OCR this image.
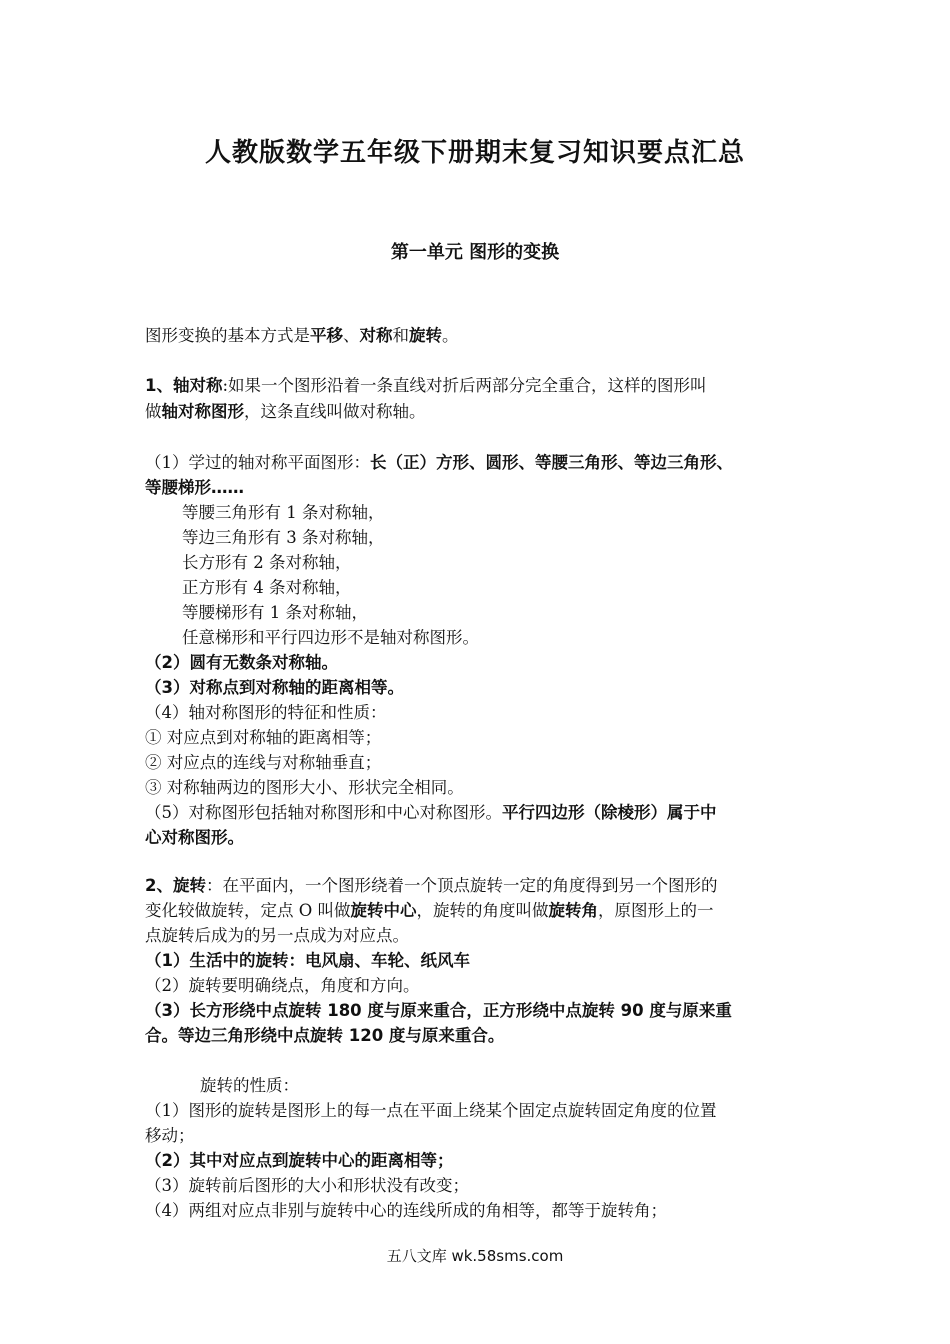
人教版数学五年级下册期末复习知识要点汇总
第一单元 图形的变换
图形变换的基本方式是平移、对称和旋转。
1、轴对称:如果一个图形沿着一条直线对折后两部分完全重合，这样的图形叫
做轴对称图形，这条直线叫做对称轴。
（1）学过的轴对称平面图形：长（正）方形、圆形、等腰三角形、等边三角形、
等腰梯形……
等腰三角形有 1 条对称轴，
等边三角形有 3 条对称轴，
长方形有 2 条对称轴，
正方形有 4 条对称轴，
等腰梯形有 1 条对称轴，
任意梯形和平行四边形不是轴对称图形。
（2）圆有无数条对称轴。
（3）对称点到对称轴的距离相等。
（4）轴对称图形的特征和性质：
① 对应点到对称轴的距离相等；
② 对应点的连线与对称轴垂直；
③ 对称轴两边的图形大小、形状完全相同。
（5）对称图形包括轴对称图形和中心对称图形。平行四边形（除棱形）属于中
心对称图形。
2、旋转：在平面内，一个图形绕着一个顶点旋转一定的角度得到另一个图形的
变化较做旋转，定点 O 叫做旋转中心，旋转的角度叫做旋转角，原图形上的一
点旋转后成为的另一点成为对应点。
（1）生活中的旋转：电风扇、车轮、纸风车
（2）旋转要明确绕点，角度和方向。
（3）长方形绕中点旋转 180 度与原来重合，正方形绕中点旋转 90 度与原来重
合。等边三角形绕中点旋转 120 度与原来重合。
旋转的性质：
（1）图形的旋转是图形上的每一点在平面上绕某个固定点旋转固定角度的位置
移动；
（2）其中对应点到旋转中心的距离相等；
（3）旋转前后图形的大小和形状没有改变；
（4）两组对应点非别与旋转中心的连线所成的角相等，都等于旋转角；
五八文库 wk.58sms.com
